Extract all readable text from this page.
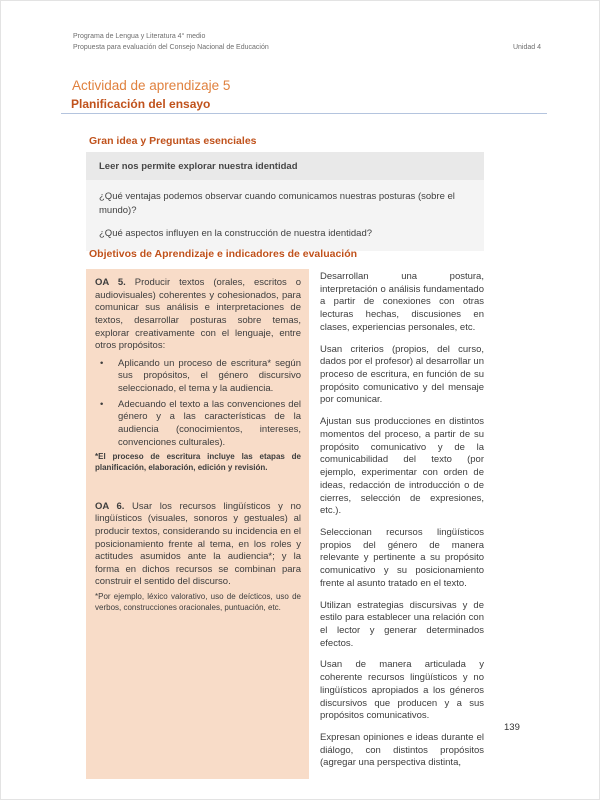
Programa de Lengua y Literatura 4° medio
Propuesta para evaluación del Consejo Nacional de Educación	Unidad 4
Actividad de aprendizaje 5
Planificación del ensayo
Gran idea y Preguntas esenciales
Leer nos permite explorar nuestra identidad
¿Qué ventajas podemos observar cuando comunicamos nuestras posturas (sobre el mundo)?
¿Qué aspectos influyen en la construcción de nuestra identidad?
Objetivos de Aprendizaje e indicadores de evaluación

OA 5. Producir textos (orales, escritos o audiovisuales) coherentes y cohesionados, para comunicar sus análisis e interpretaciones de textos, desarrollar posturas sobre temas, explorar creativamente con el lenguaje, entre otros propósitos:

•	Aplicando un proceso de escritura* según sus propósitos, el género discursivo seleccionado, el tema y la audiencia.
•	Adecuando el texto a las convenciones del género y a las características de la audiencia (conocimientos, intereses, convenciones culturales).

*El proceso de escritura incluye las etapas de planificación, elaboración, edición y revisión.

OA 6. Usar los recursos lingüísticos y no lingüísticos (visuales, sonoros y gestuales) al producir textos, considerando su incidencia en el posicionamiento frente al tema, en los roles y actitudes asumidos ante la audiencia*; y la forma en dichos recursos se combinan para construir el sentido del discurso.

*Por ejemplo, léxico valorativo, uso de deícticos, uso de verbos, construcciones oracionales, puntuación, etc.

Desarrollan una postura, interpretación o análisis fundamentado a partir de conexiones con otras lecturas hechas, discusiones en clases, experiencias personales, etc.

Usan criterios (propios, del curso, dados por el profesor) al desarrollar un proceso de escritura, en función de su propósito comunicativo y del mensaje por comunicar.

Ajustan sus producciones en distintos momentos del proceso, a partir de su propósito comunicativo y de la comunicabilidad del texto (por ejemplo, experimentar con orden de ideas, redacción de introducción o de cierres, selección de expresiones, etc.).

Seleccionan recursos lingüísticos propios del género de manera relevante y pertinente a su propósito comunicativo y su posicionamiento frente al asunto tratado en el texto.

Utilizan estrategias discursivas y de estilo para establecer una relación con el lector y generar determinados efectos.

Usan de manera articulada y coherente recursos lingüísticos y no lingüísticos apropiados a los géneros discursivos que producen y a sus propósitos comunicativos.

Expresan opiniones e ideas durante el diálogo, con distintos propósitos (agregar una perspectiva distinta,

139
